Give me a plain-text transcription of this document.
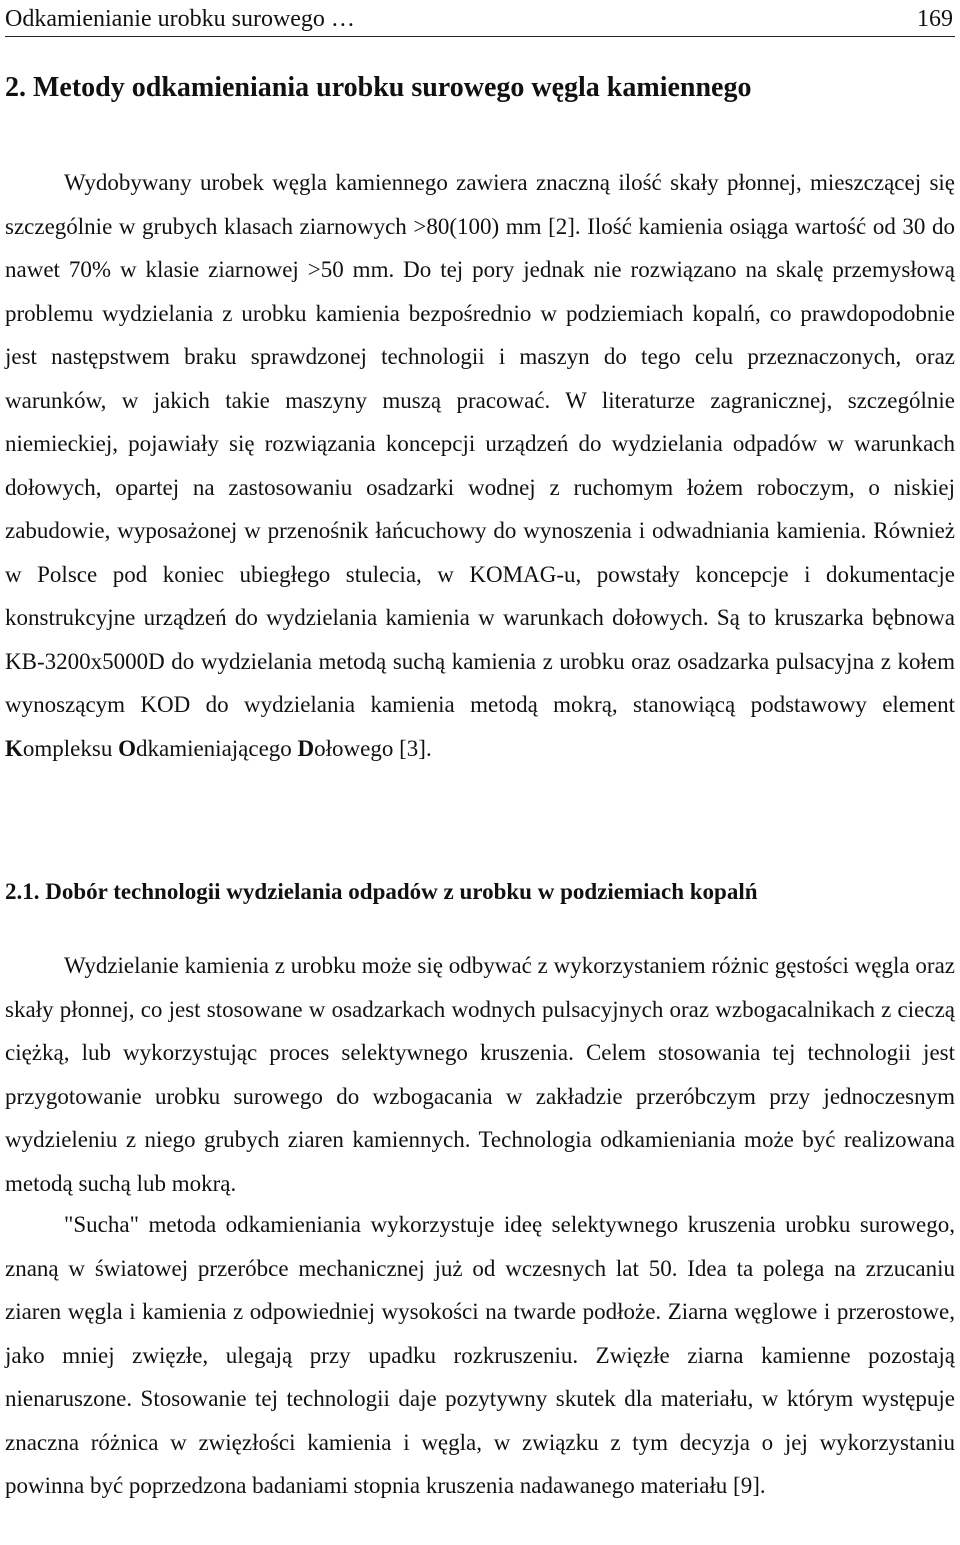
Odkamienianie urobku surowego …	169
2. Metody odkamieniania urobku surowego węgla kamiennego

Wydobywany urobek węgla kamiennego zawiera znaczną ilość skały płonnej, mieszczącej się szczególnie w grubych klasach ziarnowych >80(100) mm [2]. Ilość kamienia osiąga wartość od 30 do nawet 70% w klasie ziarnowej >50 mm. Do tej pory jednak nie rozwiązano na skalę przemysłową problemu wydzielania z urobku kamienia bezpośrednio w podziemiach kopalń, co prawdopodobnie jest następstwem braku sprawdzonej technologii i maszyn do tego celu przeznaczonych, oraz warunków, w jakich takie maszyny muszą pracować. W literaturze zagranicznej, szczególnie niemieckiej, pojawiały się rozwiązania koncepcji urządzeń do wydzielania odpadów w warunkach dołowych, opartej na zastosowaniu osadzarki wodnej z ruchomym łożem roboczym, o niskiej zabudowie, wyposażonej w przenośnik łańcuchowy do wynoszenia i odwadniania kamienia. Również w Polsce pod koniec ubiegłego stulecia, w KOMAG-u, powstały koncepcje i dokumentacje konstrukcyjne urządzeń do wydzielania kamienia w warunkach dołowych. Są to kruszarka bębnowa KB-3200x5000D do wydzielania metodą suchą kamienia z urobku oraz osadzarka pulsacyjna z kołem wynoszącym KOD do wydzielania kamienia metodą mokrą, stanowiącą podstawowy element Kompleksu Odkamieniającego Dołowego [3].

2.1. Dobór technologii wydzielania odpadów z urobku w podziemiach kopalń

Wydzielanie kamienia z urobku może się odbywać z wykorzystaniem różnic gęstości węgla oraz skały płonnej, co jest stosowane w osadzarkach wodnych pulsacyjnych oraz wzbogacalnikach z cieczą ciężką, lub wykorzystując proces selektywnego kruszenia. Celem stosowania tej technologii jest przygotowanie urobku surowego do wzbogacania w zakładzie przeróbczym przy jednoczesnym wydzieleniu z niego grubych ziaren kamiennych. Technologia odkamieniania może być realizowana metodą suchą lub mokrą.

"Sucha" metoda odkamieniania wykorzystuje ideę selektywnego kruszenia urobku surowego, znaną w światowej przeróbce mechanicznej już od wczesnych lat 50. Idea ta polega na zrzucaniu ziaren węgla i kamienia z odpowiedniej wysokości na twarde podłoże. Ziarna węglowe i przerostowe, jako mniej zwięzłe, ulegają przy upadku rozkruszeniu. Zwięzłe ziarna kamienne pozostają nienaruszone. Stosowanie tej technologii daje pozytywny skutek dla materiału, w którym występuje znaczna różnica w zwięzłości kamienia i węgla, w związku z tym decyzja o jej wykorzystaniu powinna być poprzedzona badaniami stopnia kruszenia nadawanego materiału [9].
